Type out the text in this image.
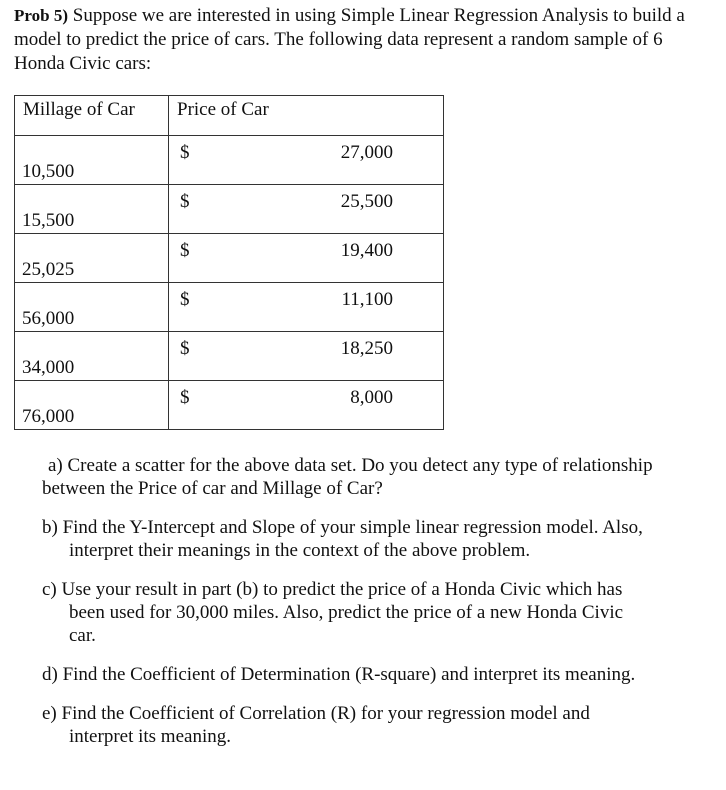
Prob 5) Suppose we are interested in using Simple Linear Regression Analysis to build a model to predict the price of cars. The following data represent a random sample of 6 Honda Civic cars:

Millage of Car	Price of Car

10,500	$ 27,000

15,500	$ 25,500

25,025	$ 19,400

56,000	$ 11,100

34,000	$ 18,250

76,000	$ 8,000

a) Create a scatter for the above data set. Do you detect any type of relationship
between the Price of car and Millage of Car?

b) Find the Y-Intercept and Slope of your simple linear regression model. Also,
interpret their meanings in the context of the above problem.

c) Use your result in part (b) to predict the price of a Honda Civic which has
been used for 30,000 miles. Also, predict the price of a new Honda Civic
car.

d) Find the Coefficient of Determination (R-square) and interpret its meaning.

e) Find the Coefficient of Correlation (R) for your regression model and
interpret its meaning.
